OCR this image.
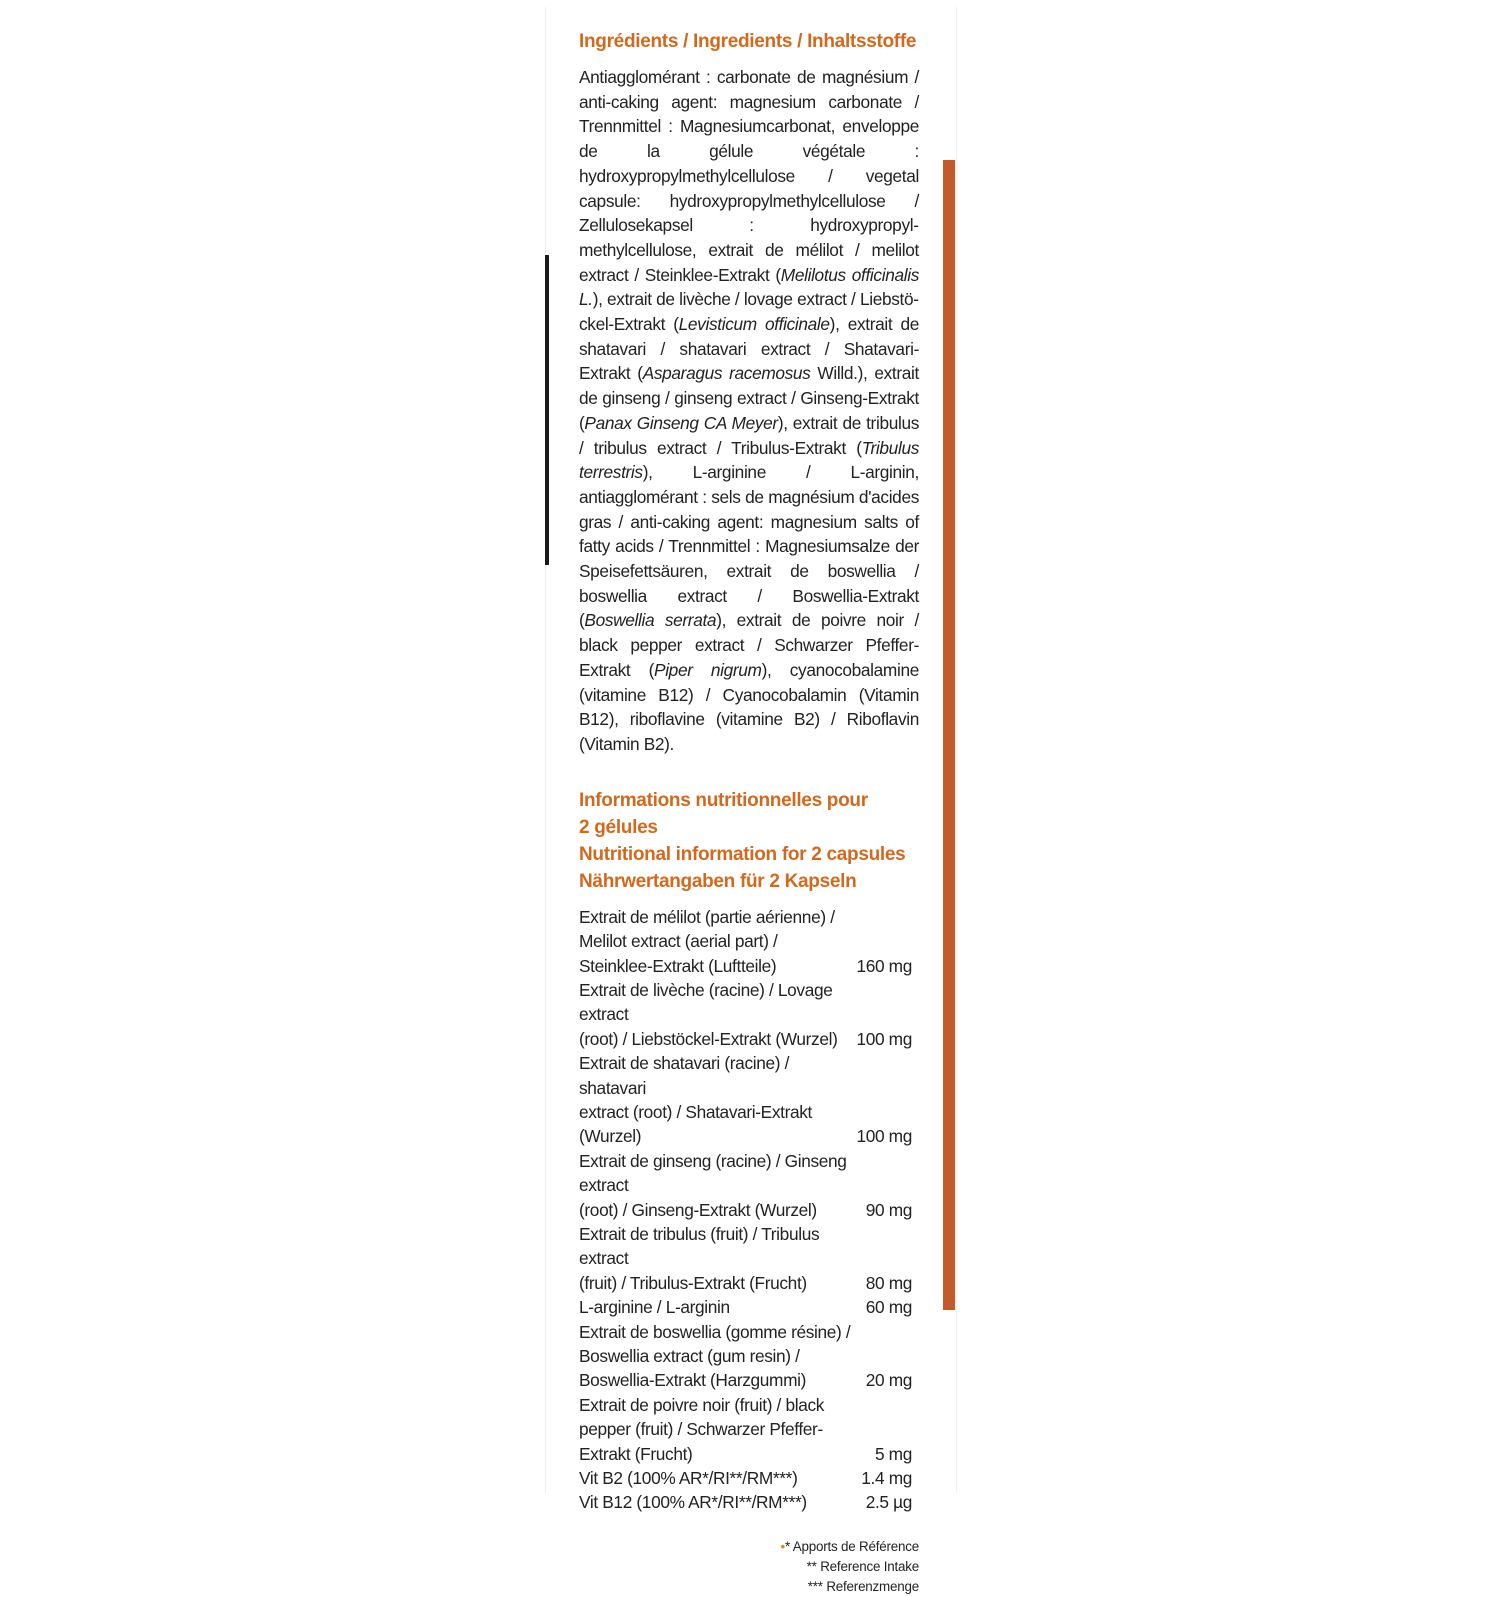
Ingrédients / Ingredients / Inhaltsstoffe

Antiagglomérant : carbonate de magnésium / anti-caking agent: magnesium carbonate / Trennmittel : Magnesiumcarbonat, enveloppe de la gélule végétale : hydroxypropylmethylcellulose / vegetal capsule: hydroxypropylmethylcellulose / Zellulosekapsel : hydroxypropylmethylcellulose, extrait de mélilot / melilot extract / Steinklee-Extrakt (Melilotus officinalis L.), extrait de livèche / lovage extract / Liebstöckel-Extrakt (Levisticum officinale), extrait de shatavari / shatavari extract / Shatavari-Extrakt (Asparagus racemosus Willd.), extrait de ginseng / ginseng extract / Ginseng-Extrakt (Panax Ginseng CA Meyer), extrait de tribulus / tribulus extract / Tribulus-Extrakt (Tribulus terrestris), L-arginine / L-arginin, antiagglomérant : sels de magnésium d'acides gras / anti-caking agent: magnesium salts of fatty acids / Trennmittel : Magnesiumsalze der Speisefettsäuren, extrait de boswellia / boswellia extract / Boswellia-Extrakt (Boswellia serrata), extrait de poivre noir / black pepper extract / Schwarzer Pfeffer-Extrakt (Piper nigrum), cyanocobalamine (vitamine B12) / Cyanocobalamin (Vitamin B12), riboflavine (vitamine B2) / Riboflavin (Vitamin B2).

Informations nutritionnelles pour
2 gélules
Nutritional information for 2 capsules
Nährwertangaben für 2 Kapseln
Extrait de mélilot (partie aérienne) /
Melilot extract (aerial part) /
Steinklee-Extrakt (Luftteile)	160 mg
Extrait de livèche (racine) / Lovage extract
(root) / Liebstöckel-Extrakt (Wurzel)	100 mg
Extrait de shatavari (racine) / shatavari
extract (root) / Shatavari-Extrakt
(Wurzel)	100 mg
Extrait de ginseng (racine) / Ginseng extract
(root) / Ginseng-Extrakt (Wurzel)	90 mg
Extrait de tribulus (fruit) / Tribulus extract
(fruit) / Tribulus-Extrakt (Frucht)	80 mg
L-arginine / L-arginin	60 mg
Extrait de boswellia (gomme résine) /
Boswellia extract (gum resin) /
Boswellia-Extrakt (Harzgummi)	20 mg
Extrait de poivre noir (fruit) / black
pepper (fruit) / Schwarzer Pfeffer-
Extrakt (Frucht)	5 mg
Vit B2 (100% AR*/RI**/RM***)	1.4 mg
Vit B12 (100% AR*/RI**/RM***)	2.5 µg
•* Apports de Référence
** Reference Intake
*** Referenzmenge
